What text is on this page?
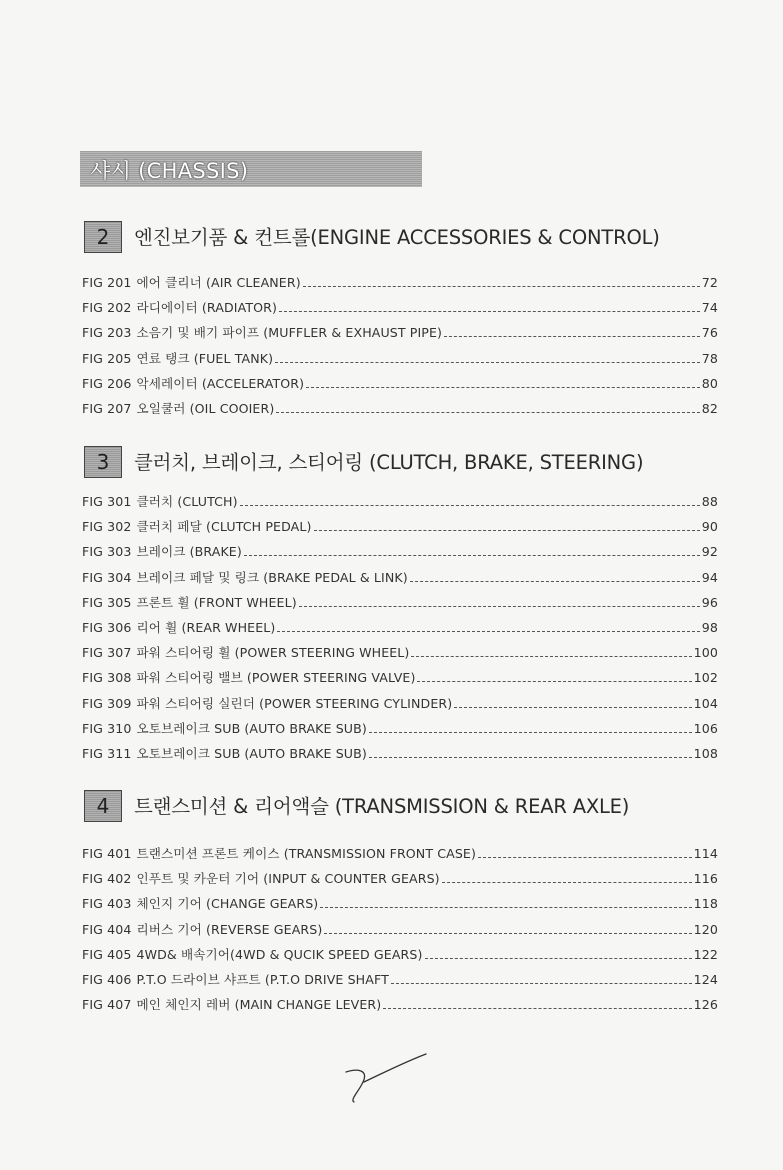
샤시 (CHASSIS)
2	엔진보기품 & 컨트롤(ENGINE ACCESSORIES & CONTROL)
FIG 201 에어 클리너 (AIR CLEANER)	72
FIG 202 라디에이터 (RADIATOR)	74
FIG 203 소음기 및 배기 파이프 (MUFFLER & EXHAUST PIPE)	76
FIG 205 연료 탱크 (FUEL TANK)	78
FIG 206 악세레이터 (ACCELERATOR)	80
FIG 207 오일쿨러 (OIL COOIER)	82
3	클러치, 브레이크, 스티어링 (CLUTCH, BRAKE, STEERING)
FIG 301 클러치 (CLUTCH)	88
FIG 302 클러치 페달 (CLUTCH PEDAL)	90
FIG 303 브레이크 (BRAKE)	92
FIG 304 브레이크 페달 및 링크 (BRAKE PEDAL & LINK)	94
FIG 305 프론트 휠 (FRONT WHEEL)	96
FIG 306 리어 휠 (REAR WHEEL)	98
FIG 307 파워 스티어링 휠 (POWER STEERING WHEEL)	100
FIG 308 파워 스티어링 밸브 (POWER STEERING VALVE)	102
FIG 309 파워 스티어링 실린더 (POWER STEERING CYLINDER)	104
FIG 310 오토브레이크 SUB (AUTO BRAKE SUB)	106
FIG 311 오토브레이크 SUB (AUTO BRAKE SUB)	108
4	트랜스미션 & 리어액슬 (TRANSMISSION & REAR AXLE)
FIG 401 트랜스미션 프론트 케이스 (TRANSMISSION FRONT CASE)	114
FIG 402 인푸트 및 카운터 기어 (INPUT & COUNTER GEARS)	116
FIG 403 체인지 기어 (CHANGE GEARS)	118
FIG 404 리버스 기어 (REVERSE GEARS)	120
FIG 405 4WD& 배속기어(4WD & QUCIK SPEED GEARS)	122
FIG 406 P.T.O 드라이브 샤프트 (P.T.O DRIVE SHAFT	124
FIG 407 메인 체인지 레버 (MAIN CHANGE LEVER)	126
